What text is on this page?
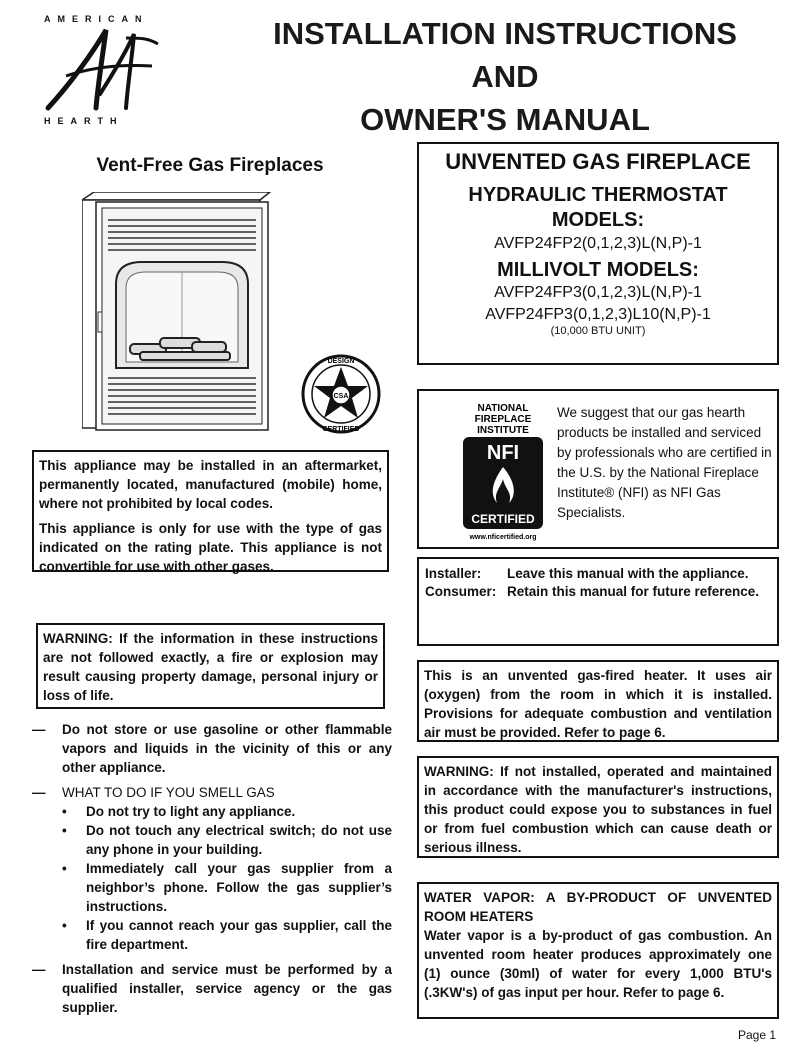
AMERICAN
HEARTH
INSTALLATION INSTRUCTIONS
AND
OWNER'S MANUAL
Vent-Free Gas Fireplaces
CSA
DESIGN
CERTIFIED
UNVENTED GAS FIREPLACE
HYDRAULIC THERMOSTAT
MODELS:
AVFP24FP2(0,1,2,3)L(N,P)-1
MILLIVOLT MODELS:
AVFP24FP3(0,1,2,3)L(N,P)-1
AVFP24FP3(0,1,2,3)L10(N,P)-1
(10,000 BTU UNIT)
NATIONAL
FIREPLACE
INSTITUTE
NFI
CERTIFIED
www.nficertified.org
We suggest that our gas hearth products be installed and serviced by professionals who are certified in the U.S. by the National Fireplace Institute® (NFI) as NFI Gas Specialists.
Installer:	Leave this manual with the appliance.
Consumer:	Retain this manual for future reference.
This is an unvented gas-fired heater. It uses air (oxygen) from the room in which it is installed. Provisions for adequate combustion and ventilation air must be provided. Refer to page 6.
WARNING: If not installed, operated and maintained in accordance with the manufacturer's instructions, this product could expose you to substances in fuel or from fuel combustion which can cause death or serious illness.
WATER VAPOR: A BY-PRODUCT OF UNVENTED ROOM HEATERS
Water vapor is a by-product of gas combustion. An unvented room heater produces approximately one (1) ounce (30ml) of water for every 1,000 BTU's (.3KW's) of gas input per hour. Refer to page 6.
This appliance may be installed in an aftermarket, permanently located, manufactured (mobile) home, where not prohibited by local codes.
This appliance is only for use with the type of gas indicated on the rating plate. This appliance is not convertible for use with other gases.
WARNING: If the information in these instructions are not followed exactly, a fire or explosion may result causing property damage, personal injury or loss of life.
— Do not store or use gasoline or other flammable vapors and liquids in the vicinity of this or any other appliance.
— WHAT TO DO IF YOU SMELL GAS
• Do not try to light any appliance.
• Do not touch any electrical switch; do not use any phone in your building.
• Immediately call your gas supplier from a neighbor’s phone. Follow the gas supplier’s instructions.
• If you cannot reach your gas supplier, call the fire department.
— Installation and service must be performed by a qualified installer, service agency or the gas supplier.
Page 1
